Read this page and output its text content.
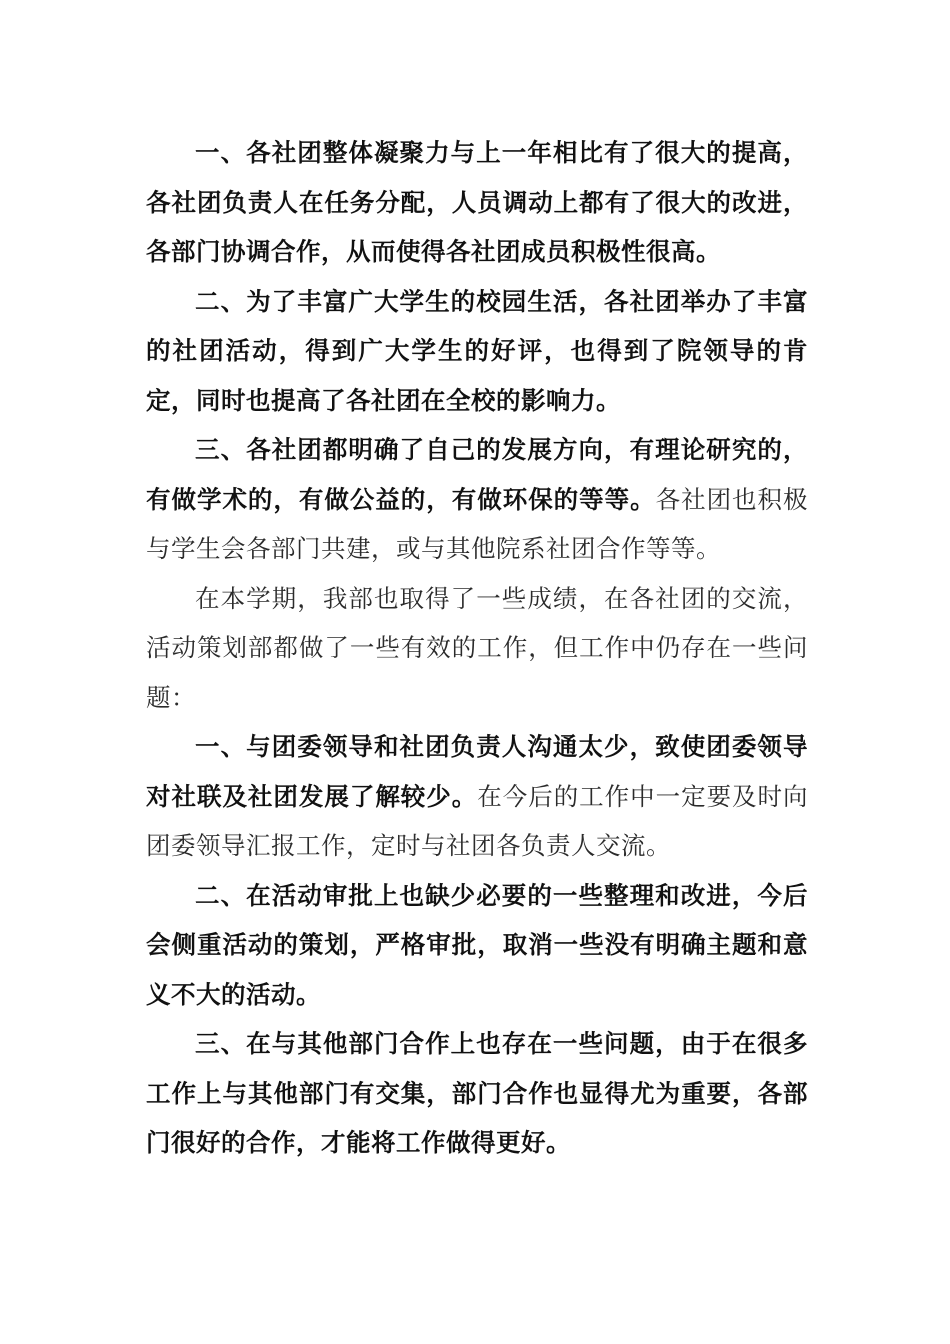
一、各社团整体凝聚力与上一年相比有了很大的提高，各社团负责人在任务分配，人员调动上都有了很大的改进，各部门协调合作，从而使得各社团成员积极性很高。

二、为了丰富广大学生的校园生活，各社团举办了丰富的社团活动，得到广大学生的好评，也得到了院领导的肯定，同时也提高了各社团在全校的影响力。

三、各社团都明确了自己的发展方向，有理论研究的，有做学术的，有做公益的，有做环保的等等。各社团也积极与学生会各部门共建，或与其他院系社团合作等等。

在本学期，我部也取得了一些成绩，在各社团的交流，活动策划部都做了一些有效的工作，但工作中仍存在一些问题：

一、与团委领导和社团负责人沟通太少，致使团委领导对社联及社团发展了解较少。在今后的工作中一定要及时向团委领导汇报工作，定时与社团各负责人交流。

二、在活动审批上也缺少必要的一些整理和改进，今后会侧重活动的策划，严格审批，取消一些没有明确主题和意义不大的活动。

三、在与其他部门合作上也存在一些问题，由于在很多工作上与其他部门有交集，部门合作也显得尤为重要，各部门很好的合作，才能将工作做得更好。
